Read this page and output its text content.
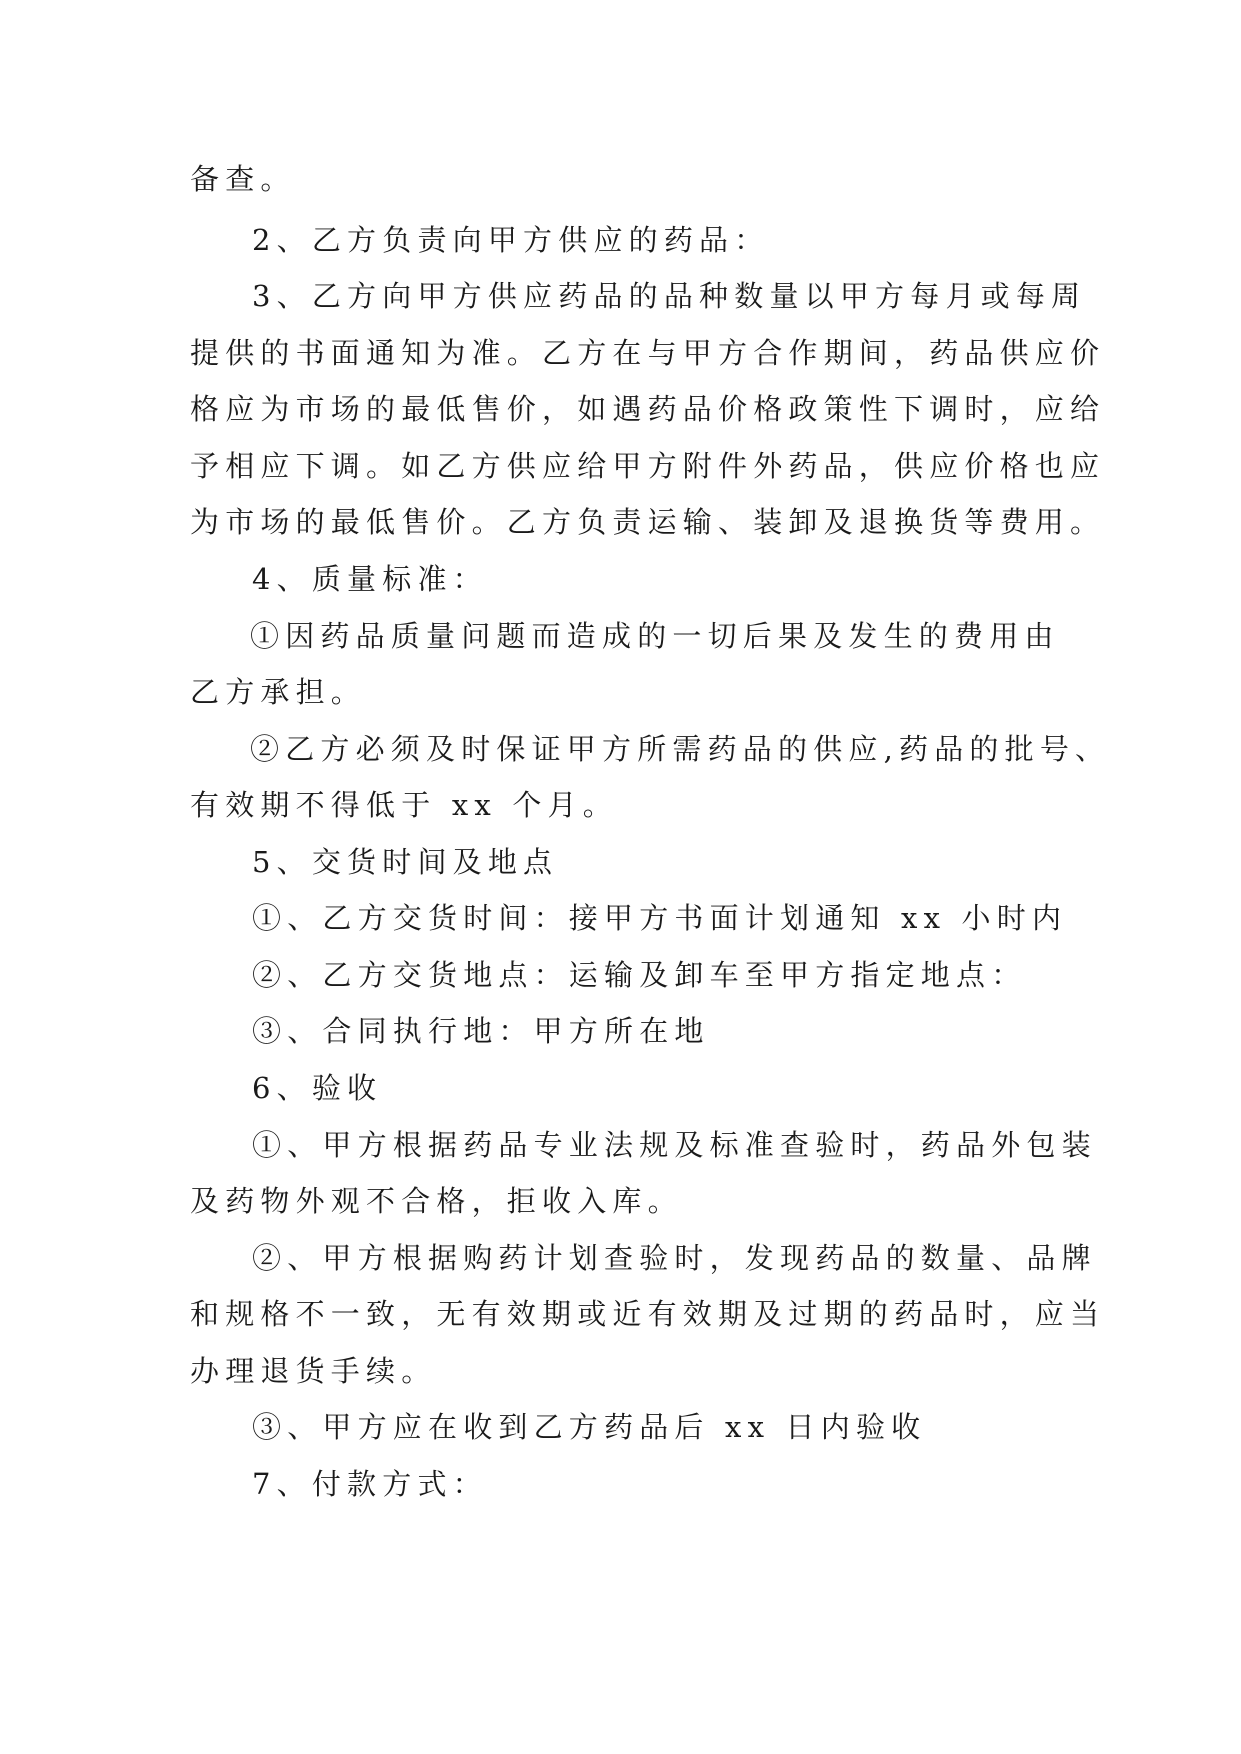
备查。
2、乙方负责向甲方供应的药品：
3、乙方向甲方供应药品的品种数量以甲方每月或每周
提供的书面通知为准。乙方在与甲方合作期间，药品供应价
格应为市场的最低售价，如遇药品价格政策性下调时，应给
予相应下调。如乙方供应给甲方附件外药品，供应价格也应
为市场的最低售价。乙方负责运输、装卸及退换货等费用。
4、质量标准：
①因药品质量问题而造成的一切后果及发生的费用由
乙方承担。
②乙方必须及时保证甲方所需药品的供应,药品的批号、
有效期不得低于 xx 个月。
5、交货时间及地点
①、乙方交货时间：接甲方书面计划通知 xx 小时内
②、乙方交货地点：运输及卸车至甲方指定地点：
③、合同执行地：甲方所在地
6、验收
①、甲方根据药品专业法规及标准查验时，药品外包装
及药物外观不合格，拒收入库。
②、甲方根据购药计划查验时，发现药品的数量、品牌
和规格不一致，无有效期或近有效期及过期的药品时，应当
办理退货手续。
③、甲方应在收到乙方药品后 xx 日内验收
7、付款方式：
